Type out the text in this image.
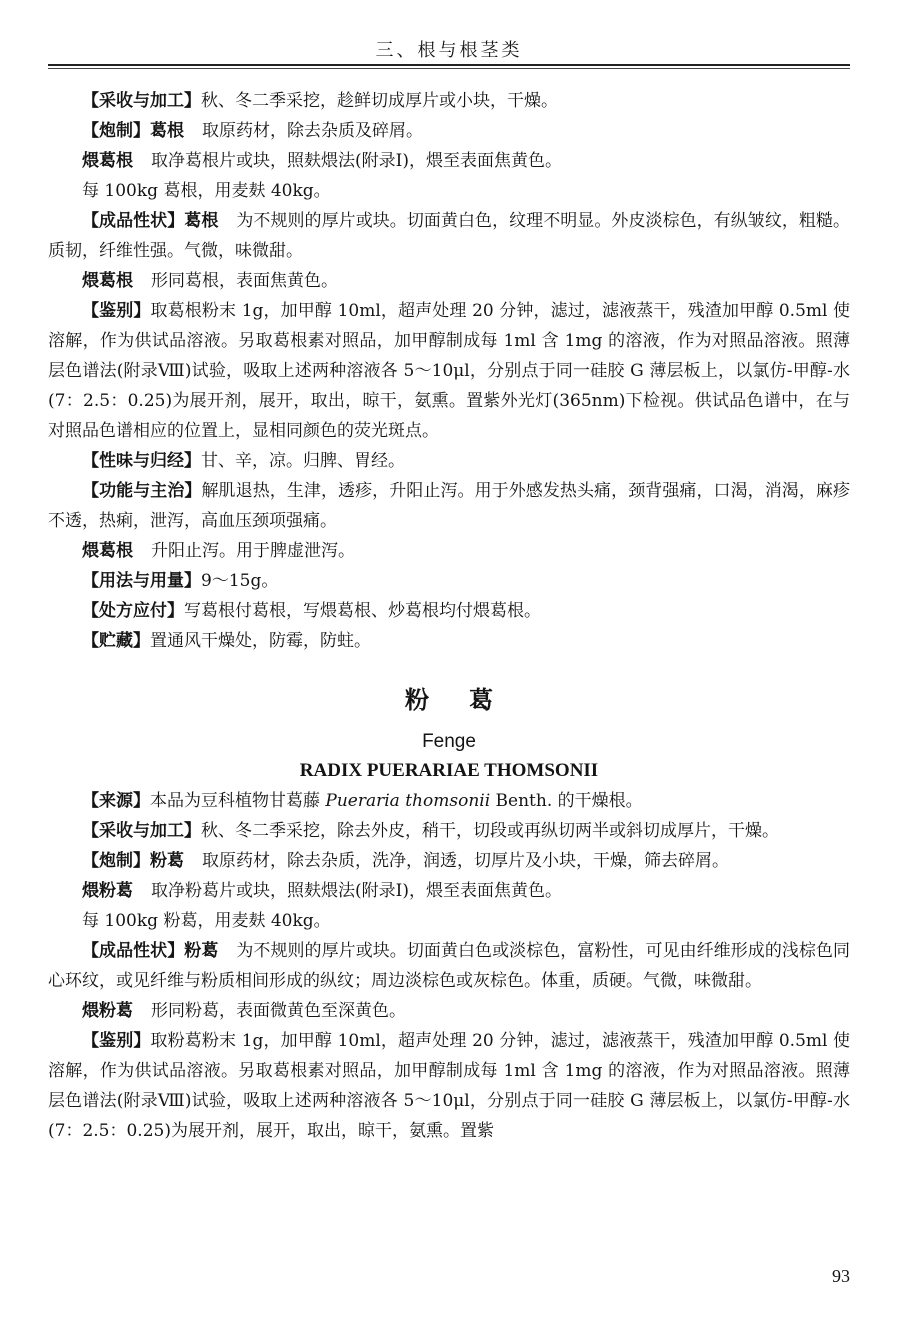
三、根与根茎类

【采收与加工】秋、冬二季采挖，趁鲜切成厚片或小块，干燥。

【炮制】葛根 取原药材，除去杂质及碎屑。

煨葛根 取净葛根片或块，照麸煨法(附录Ⅰ)，煨至表面焦黄色。

每 100kg 葛根，用麦麸 40kg。

【成品性状】葛根 为不规则的厚片或块。切面黄白色，纹理不明显。外皮淡棕色，有纵皱纹，粗糙。质韧，纤维性强。气微，味微甜。

煨葛根 形同葛根，表面焦黄色。

【鉴别】取葛根粉末 1g，加甲醇 10ml，超声处理 20 分钟，滤过，滤液蒸干，残渣加甲醇 0.5ml 使溶解，作为供试品溶液。另取葛根素对照品，加甲醇制成每 1ml 含 1mg 的溶液，作为对照品溶液。照薄层色谱法(附录Ⅷ)试验，吸取上述两种溶液各 5～10μl，分别点于同一硅胶 G 薄层板上，以氯仿-甲醇-水(7：2.5：0.25)为展开剂，展开，取出，晾干，氨熏。置紫外光灯(365nm)下检视。供试品色谱中，在与对照品色谱相应的位置上，显相同颜色的荧光斑点。

【性味与归经】甘、辛，凉。归脾、胃经。

【功能与主治】解肌退热，生津，透疹，升阳止泻。用于外感发热头痛，颈背强痛，口渴，消渴，麻疹不透，热痢，泄泻，高血压颈项强痛。

煨葛根 升阳止泻。用于脾虚泄泻。

【用法与用量】9～15g。

【处方应付】写葛根付葛根，写煨葛根、炒葛根均付煨葛根。

【贮藏】置通风干燥处，防霉，防蛀。

粉葛
Fenge
RADIX PUERARIAE THOMSONII

【来源】本品为豆科植物甘葛藤 Pueraria thomsonii Benth. 的干燥根。

【采收与加工】秋、冬二季采挖，除去外皮，稍干，切段或再纵切两半或斜切成厚片，干燥。

【炮制】粉葛 取原药材，除去杂质，洗净，润透，切厚片及小块，干燥，筛去碎屑。

煨粉葛 取净粉葛片或块，照麸煨法(附录Ⅰ)，煨至表面焦黄色。

每 100kg 粉葛，用麦麸 40kg。

【成品性状】粉葛 为不规则的厚片或块。切面黄白色或淡棕色，富粉性，可见由纤维形成的浅棕色同心环纹，或见纤维与粉质相间形成的纵纹；周边淡棕色或灰棕色。体重，质硬。气微，味微甜。

煨粉葛 形同粉葛，表面微黄色至深黄色。

【鉴别】取粉葛粉末 1g，加甲醇 10ml，超声处理 20 分钟，滤过，滤液蒸干，残渣加甲醇 0.5ml 使溶解，作为供试品溶液。另取葛根素对照品，加甲醇制成每 1ml 含 1mg 的溶液，作为对照品溶液。照薄层色谱法(附录Ⅷ)试验，吸取上述两种溶液各 5～10μl，分别点于同一硅胶 G 薄层板上，以氯仿-甲醇-水(7：2.5：0.25)为展开剂，展开，取出，晾干，氨熏。置紫

93
